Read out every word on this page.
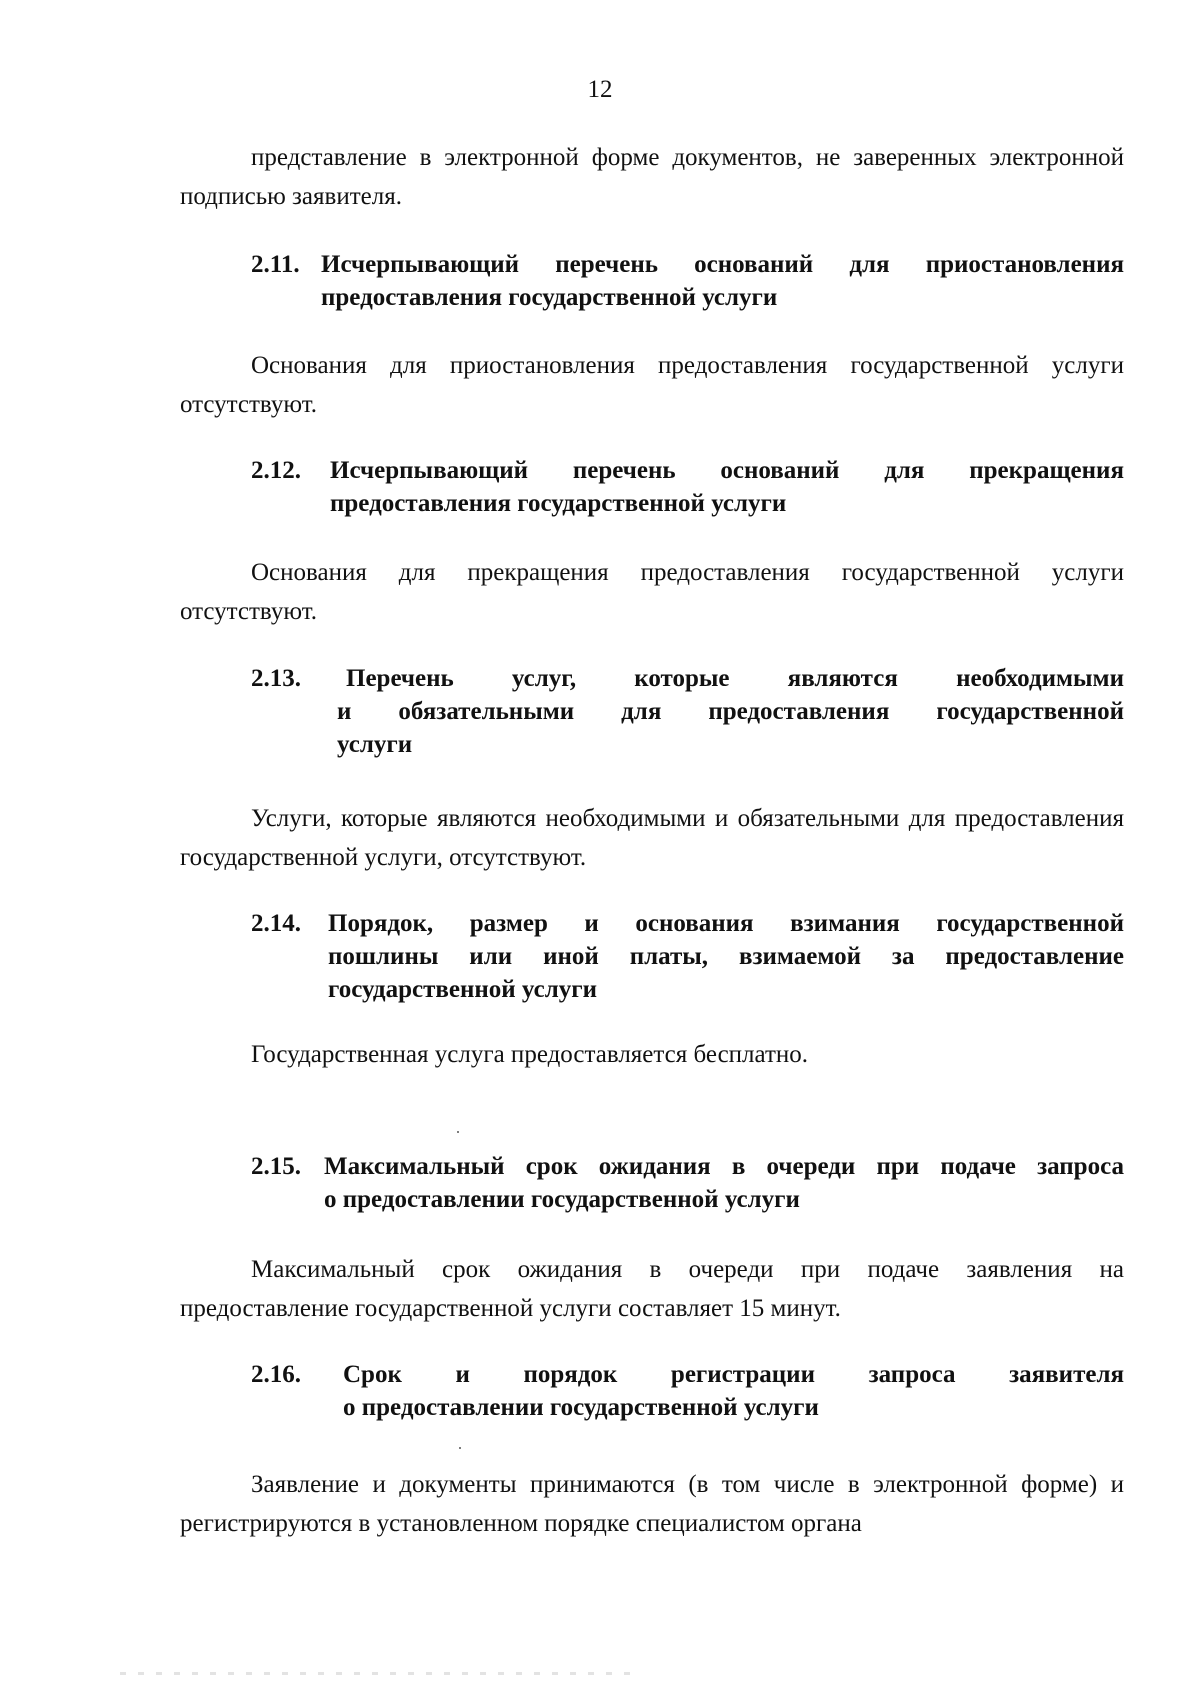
12
представление в электронной форме документов, не заверенных электронной подписью заявителя.
2.11. Исчерпывающий перечень оснований для приостановления
предоставления государственной услуги
Основания для приостановления предоставления государственной услуги отсутствуют.
2.12.	Исчерпывающий перечень оснований для прекращения
предоставления государственной услуги
Основания для прекращения предоставления государственной услуги отсутствуют.
2.13.	Перечень услуг, которые являются необходимыми
и обязательными для предоставления государственной
услуги
Услуги, которые являются необходимыми и обязательными для предоставления государственной услуги, отсутствуют.
2.14.	Порядок, размер и основания взимания государственной
пошлины или иной платы, взимаемой за предоставление
государственной услуги
Государственная услуга предоставляется бесплатно.
2.15. Максимальный срок ожидания в очереди при подаче запроса
о предоставлении государственной услуги
Максимальный срок ожидания в очереди при подаче заявления на предоставление государственной услуги составляет 15 минут.
2.16.	Срок и порядок регистрации запроса заявителя
о предоставлении государственной услуги
Заявление и документы принимаются (в том числе в электронной форме) и регистрируются в установленном порядке специалистом органа
